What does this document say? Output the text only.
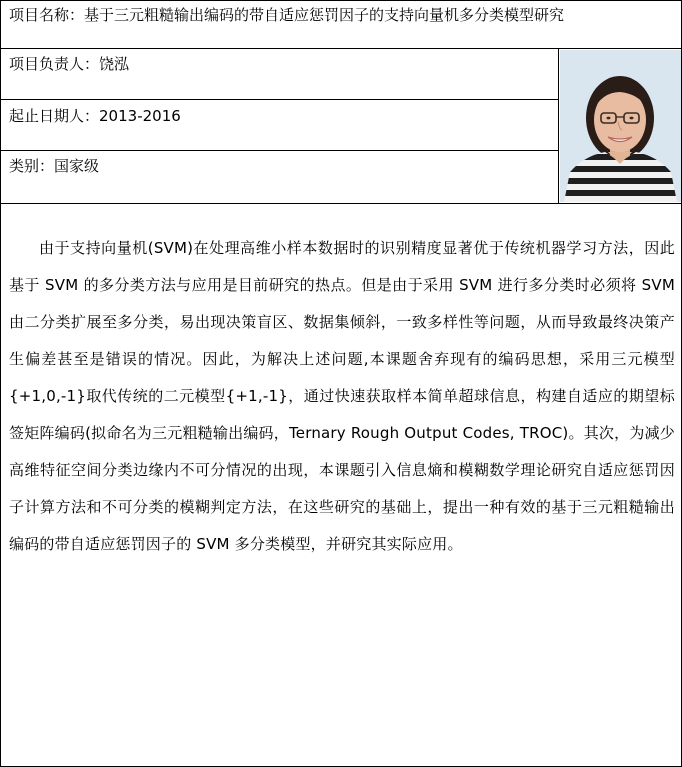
项目名称：基于三元粗糙输出编码的带自适应惩罚因子的支持向量机多分类模型研究
项目负责人：饶泓
起止日期人：2013-2016
类别：国家级
由于支持向量机(SVM)在处理高维小样本数据时的识别精度显著优于传统机器学习方法，因此基于 SVM 的多分类方法与应用是目前研究的热点。但是由于采用 SVM 进行多分类时必须将 SVM 由二分类扩展至多分类，易出现决策盲区、数据集倾斜，一致多样性等问题，从而导致最终决策产生偏差甚至是错误的情况。因此，为解决上述问题,本课题舍弃现有的编码思想，采用三元模型{+1,0,-1}取代传统的二元模型{+1,-1}，通过快速获取样本简单超球信息，构建自适应的期望标签矩阵编码(拟命名为三元粗糙输出编码，Ternary Rough Output Codes, TROC)。其次，为减少高维特征空间分类边缘内不可分情况的出现，本课题引入信息熵和模糊数学理论研究自适应惩罚因子计算方法和不可分类的模糊判定方法，在这些研究的基础上，提出一种有效的基于三元粗糙输出编码的带自适应惩罚因子的 SVM 多分类模型，并研究其实际应用。
